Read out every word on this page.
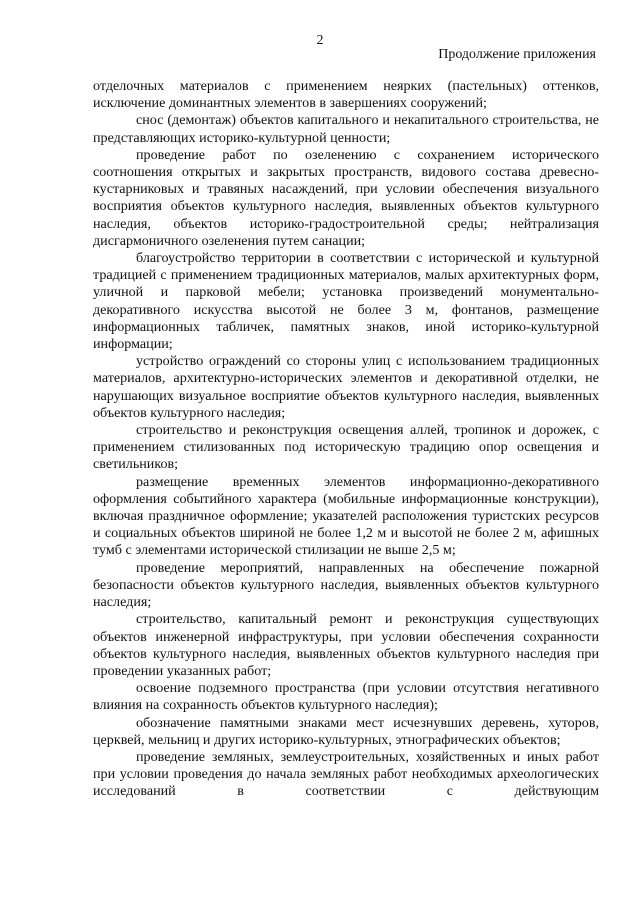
2
Продолжение приложения

отделочных материалов с применением неярких (пастельных) оттенков, исключение доминантных элементов в завершениях сооружений;

снос (демонтаж) объектов капитального и некапитального строительства, не представляющих историко-культурной ценности;

проведение работ по озеленению с сохранением исторического соотношения открытых и закрытых пространств, видового состава древесно-кустарниковых и травяных насаждений, при условии обеспечения визуального восприятия объектов культурного наследия, выявленных объектов культурного наследия, объектов историко-градостроительной среды; нейтрализация дисгармоничного озеленения путем санации;

благоустройство территории в соответствии с исторической и культурной традицией с применением традиционных материалов, малых архитектурных форм, уличной и парковой мебели; установка произведений монументально-декоративного искусства высотой не более 3 м, фонтанов, размещение информационных табличек, памятных знаков, иной историко-культурной информации;

устройство ограждений со стороны улиц с использованием традиционных материалов, архитектурно-исторических элементов и декоративной отделки, не нарушающих визуальное восприятие объектов культурного наследия, выявленных объектов культурного наследия;

строительство и реконструкция освещения аллей, тропинок и дорожек, с применением стилизованных под историческую традицию опор освещения и светильников;

размещение временных элементов информационно-декоративного оформления событийного характера (мобильные информационные конструкции), включая праздничное оформление; указателей расположения туристских ресурсов и социальных объектов шириной не более 1,2 м и высотой не более 2 м, афишных тумб с элементами исторической стилизации не выше 2,5 м;

проведение мероприятий, направленных на обеспечение пожарной безопасности объектов культурного наследия, выявленных объектов культурного наследия;

строительство, капитальный ремонт и реконструкция существующих объектов инженерной инфраструктуры, при условии обеспечения сохранности объектов культурного наследия, выявленных объектов культурного наследия при проведении указанных работ;

освоение подземного пространства (при условии отсутствия негативного влияния на сохранность объектов культурного наследия);

обозначение памятными знаками мест исчезнувших деревень, хуторов, церквей, мельниц и других историко-культурных, этнографических объектов;

проведение земляных, землеустроительных, хозяйственных и иных работ при условии проведения до начала земляных работ необходимых археологических исследований в соответствии с действующим
